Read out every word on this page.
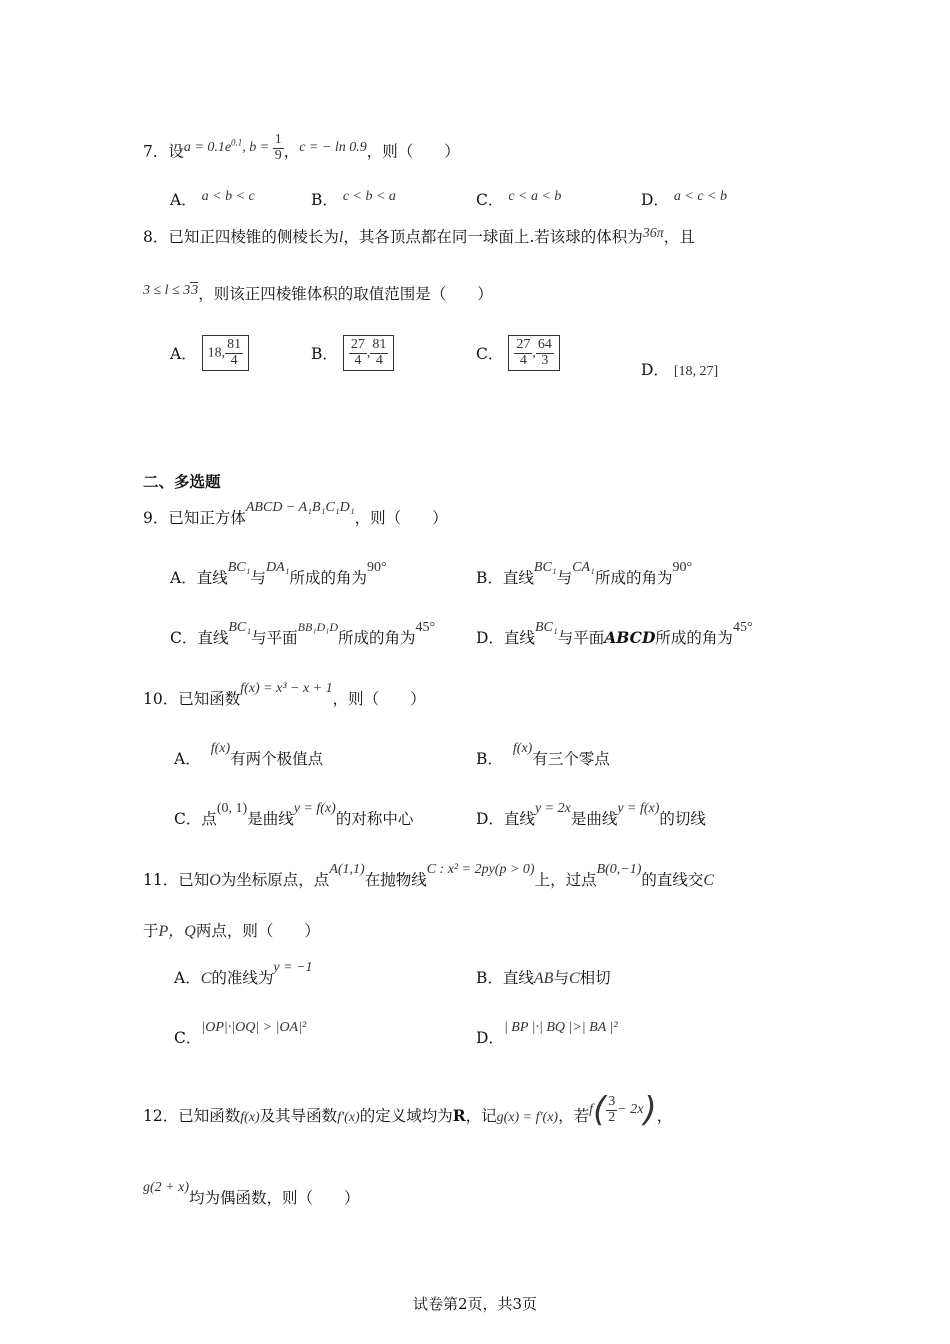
7．设$a = 0.1e^{0.1}$, $b = \frac{1}{9}$ ，c = − ln 0.9，则（　　）
A． a < b < c	B． c < b < a	C． c < a < b	D． a < c < b
8．已知正四棱锥的侧棱长为l，其各顶点都在同一球面上.若该球的体积为36π，且
3 ≤ l ≤ 33，则该正四棱锥体积的取值范围是（　　）
A． 18, $\frac{81}{4}$	B． $\frac{27}{4}$ , $\frac{81}{4}$	C． $\frac{27}{4}$ , $\frac{64}{3}$
D． [18, 27]
二、多选题
9．已知正方体ABCD − A₁B₁C₁D₁，则（　　）
A．直线BC₁与DA₁所成的角为90°
B．直线BC₁与CA₁所成的角为90°
C．直线BC₁与平面$^{BB_1D_1D}$所成的角为45°
D．直线BC₁与平面ABCD所成的角为45°
10．已知函数f(x) = x³ − x + 1，则（　　）
A．f(x)有两个极值点	B．f(x)有三个零点
C．点(0, 1)是曲线y = f(x)的对称中心	D．直线y = 2x是曲线y = f(x)的切线
11．已知O为坐标原点，点A(1,1)在抛物线C : x² = 2py(p > 0)上，过点B(0,−1)的直线交C
于P，Q两点，则（　　）
A．C的准线为y = −1
B．直线AB与C相切
C．|OP|·|OQ| > |OA|²
D．| BP |·| BQ |>| BA |²
12．已知函数f(x)及其导函数f′(x)的定义域均为R，记g(x) = f′(x)，若$f( \frac{3}{2} - 2x)$，
g(2 + x)均为偶函数，则（　　）
试卷第2页，共3页
